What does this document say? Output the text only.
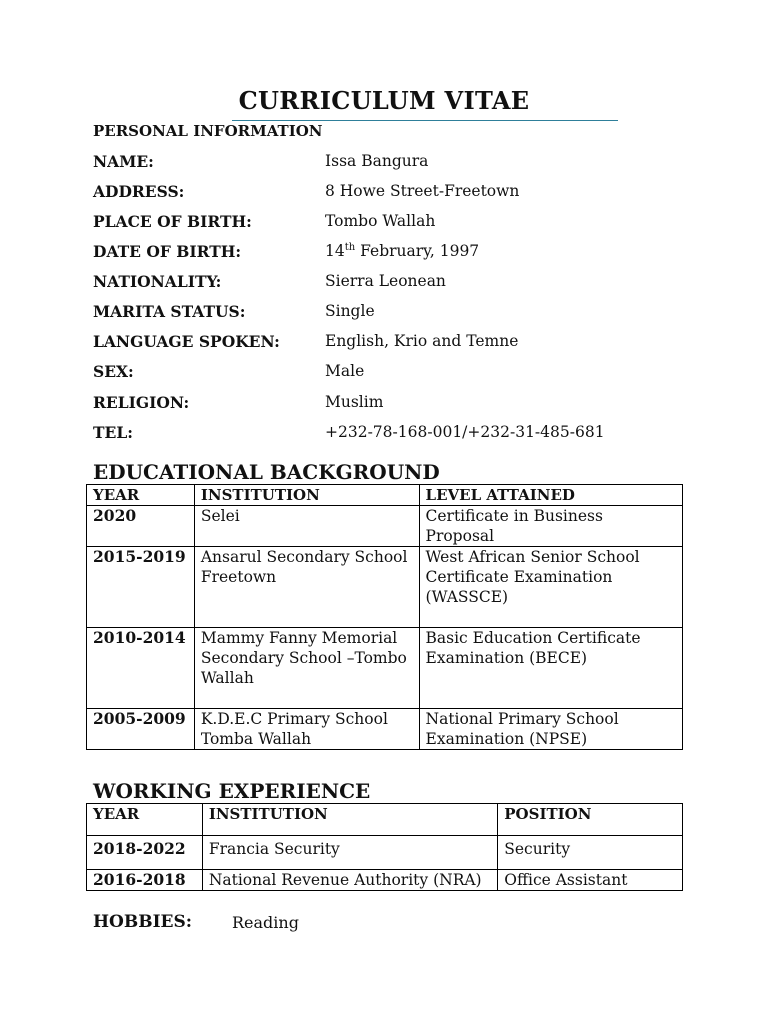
CURRICULUM VITAE
PERSONAL INFORMATION
NAME:	Issa Bangura
ADDRESS:	8 Howe Street-Freetown
PLACE OF BIRTH:	Tombo Wallah
DATE OF BIRTH:	14th February, 1997
NATIONALITY:	Sierra Leonean
MARITA STATUS:	Single
LANGUAGE SPOKEN:	English, Krio and Temne
SEX:	Male
RELIGION:	Muslim
TEL:	+232-78-168-001/+232-31-485-681
EDUCATIONAL BACKGROUND
YEAR	INSTITUTION	LEVEL ATTAINED
2020	Selei	Certificate in Business Proposal
2015-2019	Ansarul Secondary School Freetown	West African Senior School Certificate Examination (WASSCE)
2010-2014	Mammy Fanny Memorial Secondary School –Tombo Wallah	Basic Education Certificate Examination (BECE)
2005-2009	K.D.E.C Primary School Tomba Wallah	National Primary School Examination (NPSE)
WORKING EXPERIENCE
YEAR	INSTITUTION	POSITION
2018-2022	Francia Security	Security
2016-2018	National Revenue Authority (NRA)	Office Assistant
HOBBIES: Reading
